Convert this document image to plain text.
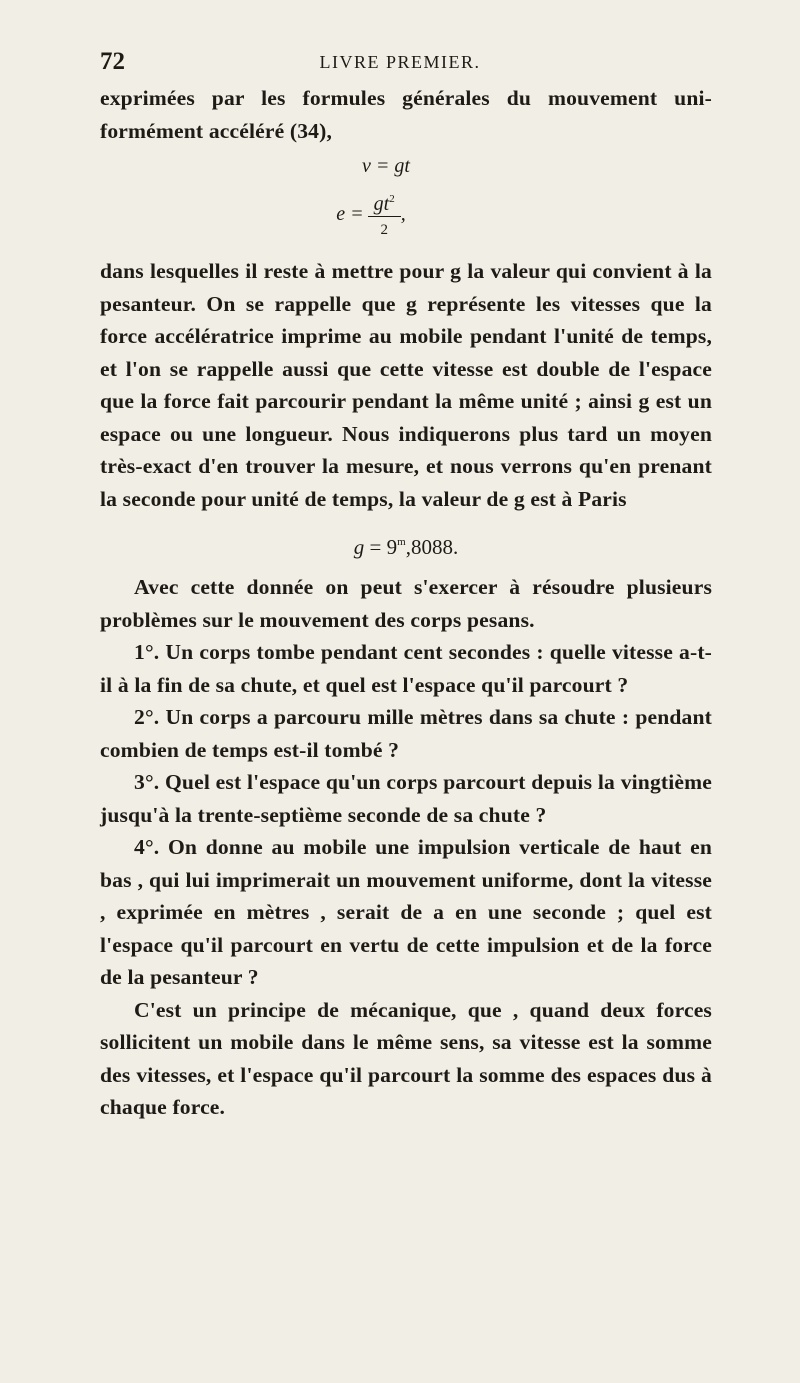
72	LIVRE PREMIER.

exprimées par les formules générales du mouvement uni-formément accéléré (34),

v = gt
$e = \frac{gt^2}{2}$ ,

dans lesquelles il reste à mettre pour g la valeur qui convient à la pesanteur. On se rappelle que g représente les vitesses que la force accélératrice imprime au mobile pendant l'unité de temps, et l'on se rappelle aussi que cette vitesse est double de l'espace que la force fait parcourir pendant la même unité ; ainsi g est un espace ou une longueur. Nous indiquerons plus tard un moyen très-exact d'en trouver la mesure, et nous verrons qu'en prenant la seconde pour unité de temps, la valeur de g est à Paris

$g = 9^m,8088$.

Avec cette donnée on peut s'exercer à résoudre plusieurs problèmes sur le mouvement des corps pesans.

1°. Un corps tombe pendant cent secondes : quelle vitesse a-t-il à la fin de sa chute, et quel est l'espace qu'il parcourt ?

2°. Un corps a parcouru mille mètres dans sa chute : pendant combien de temps est-il tombé ?

3°. Quel est l'espace qu'un corps parcourt depuis la vingtième jusqu'à la trente-septième seconde de sa chute ?

4°. On donne au mobile une impulsion verticale de haut en bas , qui lui imprimerait un mouvement uniforme, dont la vitesse , exprimée en mètres , serait de a en une seconde ; quel est l'espace qu'il parcourt en vertu de cette impulsion et de la force de la pesanteur ?

C'est un principe de mécanique, que , quand deux forces sollicitent un mobile dans le même sens, sa vitesse est la somme des vitesses, et l'espace qu'il parcourt la somme des espaces dus à chaque force.
